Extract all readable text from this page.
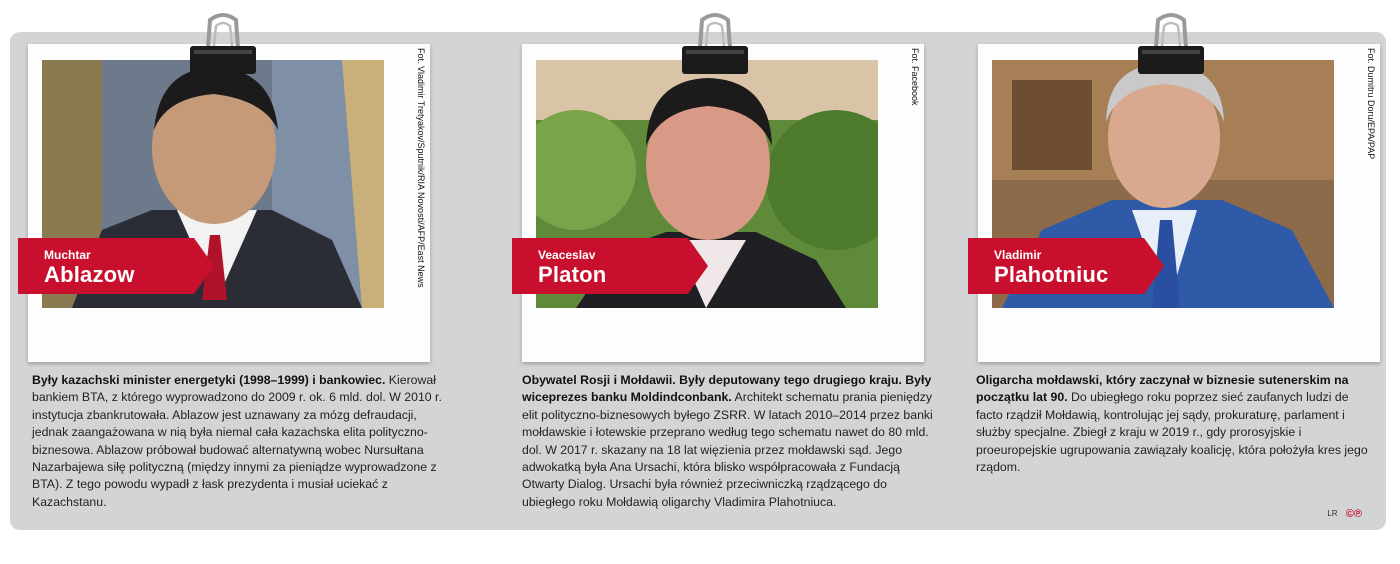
Fot. Vladimir Tretyakov/Sputnik/RIA Novosti/AFP/East News
Muchtar
Ablazow
Były kazachski minister energetyki (1998–1999) i bankowiec. Kierował bankiem BTA, z którego wyprowadzono do 2009 r. ok. 6 mld. dol. W 2010 r. instytucja zbankrutowała. Ablazow jest uznawany za mózg defraudacji, jednak zaangażowana w nią była niemal cała kazachska elita polityczno-biznesowa. Ablazow próbował budować alternatywną wobec Nursułtana Nazarbajewa siłę polityczną (między innymi za pieniądze wyprowadzone z BTA). Z tego powodu wypadł z łask prezydenta i musiał uciekać z Kazachstanu.
Fot. Facebook
Veaceslav
Platon
Obywatel Rosji i Mołdawii. Były deputowany tego drugiego kraju. Były wiceprezes banku Moldindconbank. Architekt schematu prania pieniędzy elit polityczno-biznesowych byłego ZSRR. W latach 2010–2014 przez banki mołdawskie i łotewskie przeprano według tego schematu nawet do 80 mld. dol. W 2017 r. skazany na 18 lat więzienia przez mołdawski sąd. Jego adwokatką była Ana Ursachi, która blisko współpracowała z Fundacją Otwarty Dialog. Ursachi była również przeciwniczką rządzącego do ubiegłego roku Mołdawią oligarchy Vladimira Plahotniuca.
Fot. Dumitru Doru/EPA/PAP
Vladimir
Plahotniuc
Oligarcha mołdawski, który zaczynał w biznesie sutenerskim na początku lat 90. Do ubiegłego roku poprzez sieć zaufanych ludzi de facto rządził Mołdawią, kontrolując jej sądy, prokuraturę, parlament i służby specjalne. Zbiegł z kraju w 2019 r., gdy prorosyjskie i proeuropejskie ugrupowania zawiązały koalicję, która położyła kres jego rządom.
LR ©℗
